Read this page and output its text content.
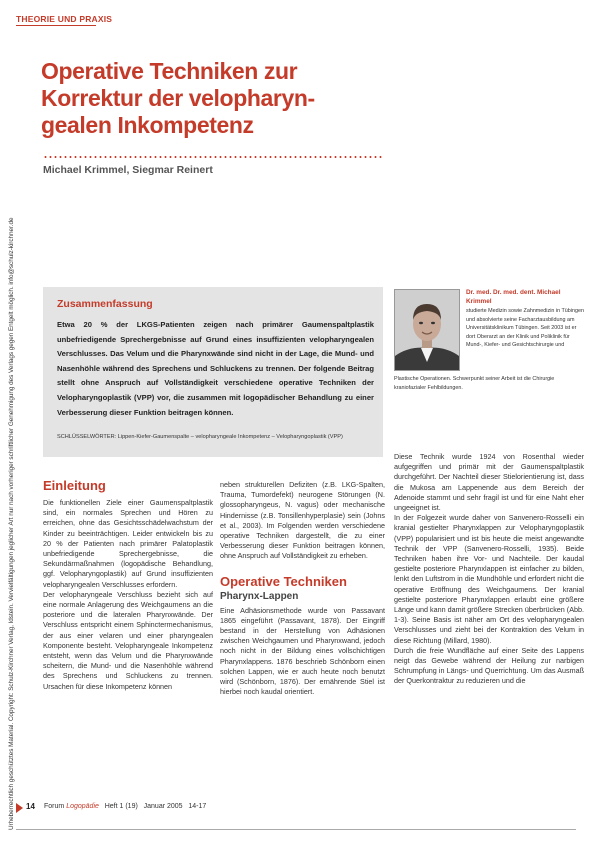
Urheberrechtlich geschütztes Material. Copyright: Schulz-Kirchner Verlag, Idstein. Vervielfältigungen jeglicher Art nur nach vorheriger schriftlicher Genehmigung des Verlags gegen Entgelt möglich. info@schulz-kirchner.de
THEORIE UND PRAXIS
Operative Techniken zur
Korrektur der velopharyn-
gealen Inkompetenz
Michael Krimmel, Siegmar Reinert
Zusammenfassung
Etwa 20 % der LKGS-Patienten zeigen nach primärer Gaumenspaltplastik unbefriedigende Sprechergebnisse auf Grund eines insuffizienten velopharyngealen Verschlusses. Das Velum und die Pharynxwände sind nicht in der Lage, die Mund- und Nasenhöhle während des Sprechens und Schluckens zu trennen. Der folgende Beitrag stellt ohne Anspruch auf Vollständigkeit verschiedene operative Techniken der Velopharyngoplastik (VPP) vor, die zusammen mit logopädischer Behandlung zu einer Verbesserung dieser Funktion beitragen können.
SCHLÜSSELWÖRTER: Lippen-Kiefer-Gaumenspalte – velopharyngeale Inkompetenz – Velopharyngoplastik (VPP)
Dr. med. Dr. med. dent. Michael Krimmel
studierte Medizin sowie Zahnmedizin in Tübingen und absolvierte seine Facharztausbildung am Universitätsklinikum Tübingen. Seit 2003 ist er dort Oberarzt an der Klinik und Poliklinik für Mund-, Kiefer- und Gesichtschirurgie und
Plastische Operationen. Schwerpunkt seiner Arbeit ist die Chirurgie kraniofazialer Fehlbildungen.
Einleitung

Die funktionellen Ziele einer Gaumenspaltplastik sind, ein normales Sprechen und Hören zu erreichen, ohne das Gesichtsschädelwachstum der Kinder zu beeinträchtigen. Leider entwickeln bis zu 20 % der Patienten nach primärer Palatoplastik unbefriedigende Sprechergebnisse, die Sekundärmaßnahmen (logopädische Behandlung, ggf. Velopharyngoplastik) auf Grund insuffizienten velopharyngealen Verschlusses erfordern.

Der velopharyngeale Verschluss bezieht sich auf eine normale Anlagerung des Weichgaumens an die posteriore und die lateralen Pharynxwände. Der Verschluss entspricht einem Sphinctermechanismus, der aus einer velaren und einer pharyngealen Komponente besteht. Velopharyngeale Inkompetenz entsteht, wenn das Velum und die Pharynxwände scheitern, die Mund- und die Nasenhöhle während des Sprechens und Schluckens zu trennen. Ursachen für diese Inkompetenz können

neben strukturellen Defiziten (z.B. LKG-Spalten, Trauma, Tumordefekt) neurogene Störungen (N. glossopharyngeus, N. vagus) oder mechanische Hindernisse (z.B. Tonsillenhyperplasie) sein (Johns et al., 2003). Im Folgenden werden verschiedene operative Techniken dargestellt, die zu einer Verbesserung dieser Funktion beitragen können, ohne Anspruch auf Vollständigkeit zu erheben.

Operative Techniken
Pharynx-Lappen

Eine Adhäsionsmethode wurde von Passavant 1865 eingeführt (Passavant, 1878). Der Eingriff bestand in der Herstellung von Adhäsionen zwischen Weichgaumen und Pharynxwand, jedoch noch nicht in der Bildung eines vollschichtigen Pharynxlappens. 1876 beschrieb Schönborn einen solchen Lappen, wie er auch heute noch benutzt wird (Schönborn, 1876). Der ernährende Stiel ist hierbei noch kaudal orientiert.

Diese Technik wurde 1924 von Rosenthal wieder aufgegriffen und primär mit der Gaumenspaltplastik durchgeführt. Der Nachteil dieser Stielorientierung ist, dass die Mukosa am Lappenende aus dem Bereich der Adenoide stammt und sehr fragil ist und für eine Naht eher ungeeignet ist.

In der Folgezeit wurde daher von Sanvenero-Rosselli ein kranial gestielter Pharynxlappen zur Velopharyngoplastik (VPP) popularisiert und ist bis heute die meist angewandte Technik der VPP (Sanvenero-Rosselli, 1935). Beide Techniken haben ihre Vor- und Nachteile. Der kaudal gestielte posteriore Pharynxlappen ist einfacher zu bilden, lenkt den Luftstrom in die Mundhöhle und erfordert nicht die operative Eröffnung des Weichgaumens. Der kranial gestielte posteriore Pharynxlappen erlaubt eine größere Länge und kann damit größere Strecken überbrücken (Abb. 1-3). Seine Basis ist näher am Ort des velopharyngealen Verschlusses und zieht bei der Kontraktion des Velum in diese Richtung (Millard, 1980).

Durch die freie Wundfläche auf einer Seite des Lappens neigt das Gewebe während der Heilung zur narbigen Schrumpfung in Längs- und Querrichtung. Um das Ausmaß der Querkontraktur zu reduzieren und die

14 Forum Logopädie Heft 1 (19)   Januar 2005   14-17
